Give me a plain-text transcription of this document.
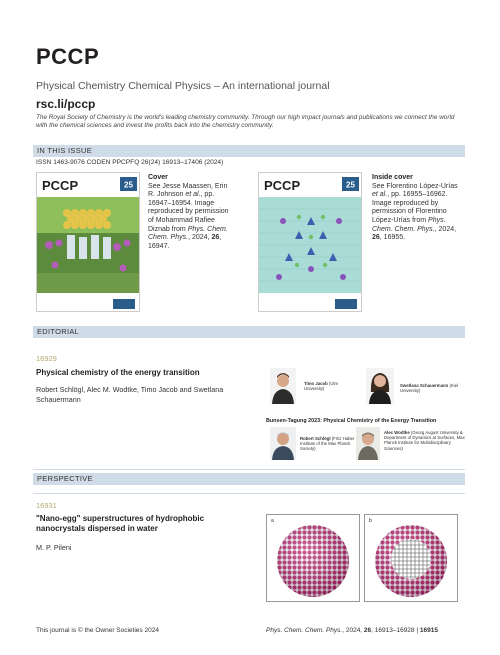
PCCP
Physical Chemistry Chemical Physics – An international journal
rsc.li/pccp
The Royal Society of Chemistry is the world's leading chemistry community. Through our high impact journals and publications we connect the world with the chemical sciences and invest the profits back into the chemistry community.
IN THIS ISSUE
ISSN 1463-9076 CODEN PPCPFQ 26(24) 16913–17406 (2024)
PCCP	25
Cover
See Jesse Maassen, Erin R. Johnson et al., pp. 16947–16954. Image reproduced by permission of Mohammad Rafiee Diznab from Phys. Chem. Chem. Phys., 2024, 26, 16947.
PCCP	25
Inside cover
See Florentino López-Urías et al., pp. 16955–16962. Image reproduced by permission of Florentino López-Urías from Phys. Chem. Chem. Phys., 2024, 26, 16955.
EDITORIAL
16929
Physical chemistry of the energy transition
Robert Schlögl, Alec M. Wodtke, Timo Jacob and Swetlana Schauermann
Timo Jacob (Ulm University)
Swetlana Schauermann (Kiel University)
Bunsen-Tagung 2023: Physical Chemistry of the Energy Transition
Robert Schlögl (Fritz Haber Institute of the Max Planck Society)
Alec Wodtke (Georg August University & Department of Dynamics at Surfaces, Max Planck Institute for Multidisciplinary Sciences)
PERSPECTIVE
16931
"Nano-egg" superstructures of hydrophobic nanocrystals dispersed in water
M. P. Pileni
a	b
This journal is © the Owner Societies 2024	Phys. Chem. Chem. Phys., 2024, 26, 16913–16928 | 16915
